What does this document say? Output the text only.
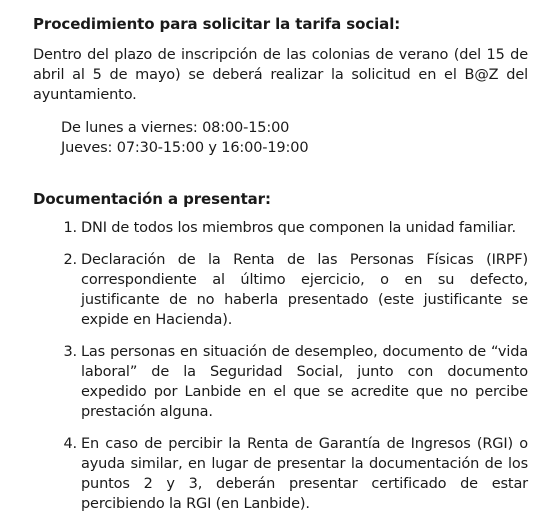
Procedimiento para solicitar la tarifa social:

Dentro del plazo de inscripción de las colonias de verano (del 15 de abril al 5 de mayo) se deberá realizar la solicitud en el B@Z del ayuntamiento.

De lunes a viernes: 08:00-15:00
Jueves: 07:30-15:00 y 16:00-19:00
Documentación a presentar:
1. DNI de todos los miembros que componen la unidad familiar.
2. Declaración de la Renta de las Personas Físicas (IRPF) correspondiente al último ejercicio, o en su defecto, justificante de no haberla presentado (este justificante se expide en Hacienda).
3. Las personas en situación de desempleo, documento de “vida laboral” de la Seguridad Social, junto con documento expedido por Lanbide en el que se acredite que no percibe prestación alguna.
4. En caso de percibir la Renta de Garantía de Ingresos (RGI) o ayuda similar, en lugar de presentar la documentación de los puntos 2 y 3, deberán presentar certificado de estar percibiendo la RGI (en Lanbide).
